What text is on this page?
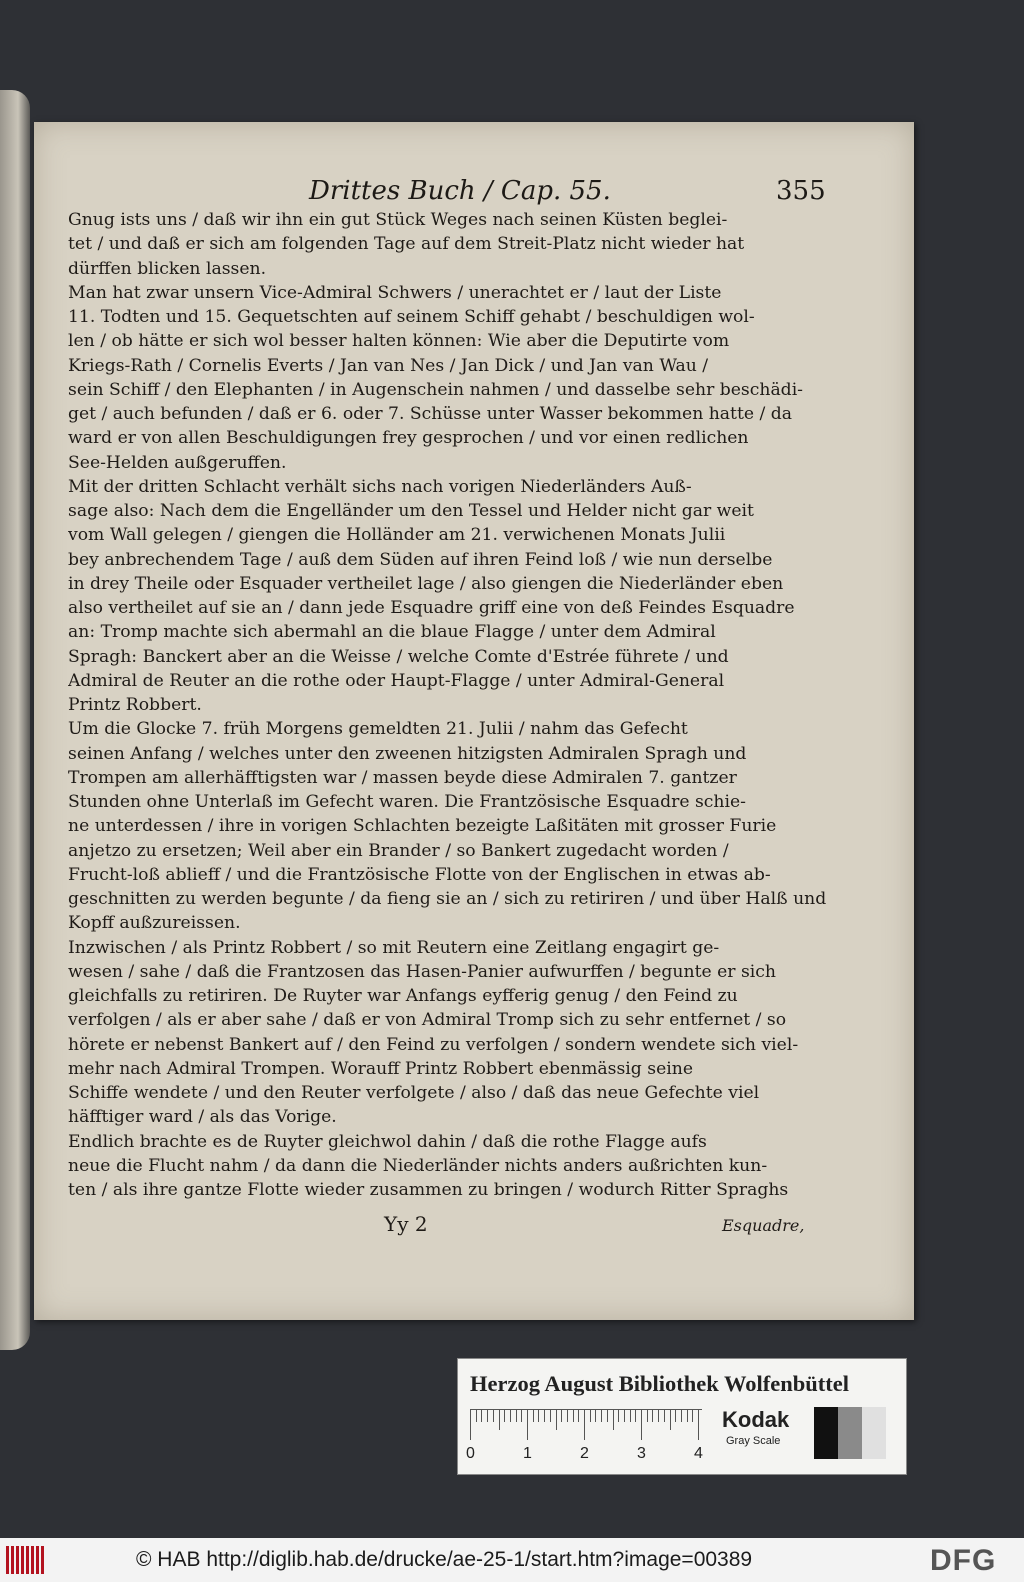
Drittes Buch / Cap. 55.	355
Gnug ists uns / daß wir ihn ein gut Stück Weges nach seinen Küsten beglei-
tet / und daß er sich am folgenden Tage auf dem Streit-Platz nicht wieder hat
dürffen blicken lassen.
Man hat zwar unsern Vice-Admiral Schwers / unerachtet er / laut der Liste
11. Todten und 15. Gequetschten auf seinem Schiff gehabt / beschuldigen wol-
len / ob hätte er sich wol besser halten können: Wie aber die Deputirte vom
Kriegs-Rath / Cornelis Everts / Jan van Nes / Jan Dick / und Jan van Wau /
sein Schiff / den Elephanten / in Augenschein nahmen / und dasselbe sehr beschädi-
get / auch befunden / daß er 6. oder 7. Schüsse unter Wasser bekommen hatte / da
ward er von allen Beschuldigungen frey gesprochen / und vor einen redlichen
See-Helden außgeruffen.
Mit der dritten Schlacht verhält sichs nach vorigen Niederländers Auß-
sage also: Nach dem die Engelländer um den Tessel und Helder nicht gar weit
vom Wall gelegen / giengen die Holländer am 21. verwichenen Monats Julii
bey anbrechendem Tage / auß dem Süden auf ihren Feind loß / wie nun derselbe
in drey Theile oder Esquader vertheilet lage / also giengen die Niederländer eben
also vertheilet auf sie an / dann jede Esquadre griff eine von deß Feindes Esquadre
an: Tromp machte sich abermahl an die blaue Flagge / unter dem Admiral
Spragh: Banckert aber an die Weisse / welche Comte d'Estrée führete / und
Admiral de Reuter an die rothe oder Haupt-Flagge / unter Admiral-General
Printz Robbert.
Um die Glocke 7. früh Morgens gemeldten 21. Julii / nahm das Gefecht
seinen Anfang / welches unter den zweenen hitzigsten Admiralen Spragh und
Trompen am allerhäfftigsten war / massen beyde diese Admiralen 7. gantzer
Stunden ohne Unterlaß im Gefecht waren. Die Frantzösische Esquadre schie-
ne unterdessen / ihre in vorigen Schlachten bezeigte Laßitäten mit grosser Furie
anjetzo zu ersetzen; Weil aber ein Brander / so Bankert zugedacht worden /
Frucht-loß ablieff / und die Frantzösische Flotte von der Englischen in etwas ab-
geschnitten zu werden begunte / da fieng sie an / sich zu retiriren / und über Halß und
Kopff außzureissen.
Inzwischen / als Printz Robbert / so mit Reutern eine Zeitlang engagirt ge-
wesen / sahe / daß die Frantzosen das Hasen-Panier aufwurffen / begunte er sich
gleichfalls zu retiriren. De Ruyter war Anfangs eyfferig genug / den Feind zu
verfolgen / als er aber sahe / daß er von Admiral Tromp sich zu sehr entfernet / so
hörete er nebenst Bankert auf / den Feind zu verfolgen / sondern wendete sich viel-
mehr nach Admiral Trompen. Worauff Printz Robbert ebenmässig seine
Schiffe wendete / und den Reuter verfolgete / also / daß das neue Gefechte viel
häfftiger ward / als das Vorige.
Endlich brachte es de Ruyter gleichwol dahin / daß die rothe Flagge aufs
neue die Flucht nahm / da dann die Niederländer nichts anders außrichten kun-
ten / als ihre gantze Flotte wieder zusammen zu bringen / wodurch Ritter Spraghs
Yy 2	Esquadre,
Herzog August Bibliothek Wolfenbüttel
0	1	2	3	4
Kodak
Gray Scale
© HAB http://diglib.hab.de/drucke/ae-25-1/start.htm?image=00389	DFG
